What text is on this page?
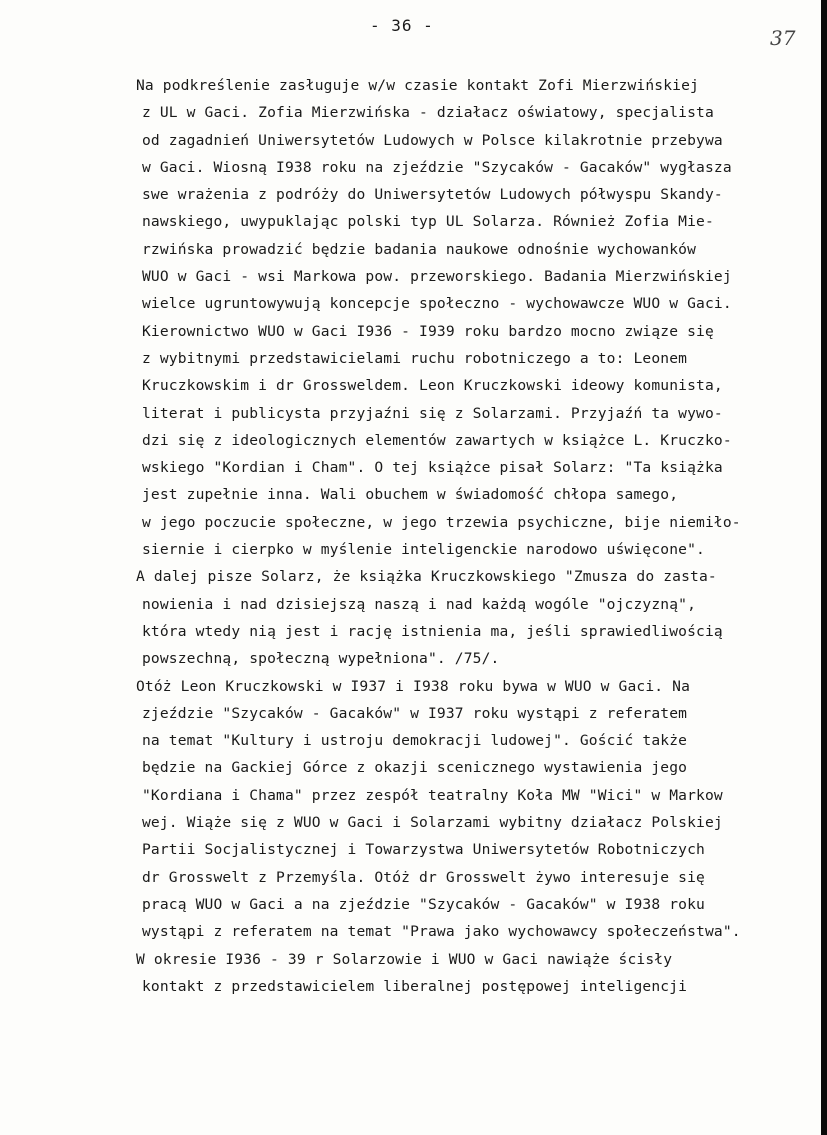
- 36 -
37
Na podkreślenie zasługuje w/w czasie kontakt Zofi Mierzwińskiej
z UL w Gaci. Zofia Mierzwińska - działacz oświatowy, specjalista
od zagadnień Uniwersytetów Ludowych w Polsce kilakrotnie przebywa
w Gaci. Wiosną I938 roku na zjeździe "Szycaków - Gacaków" wygłasza
swe wrażenia z podróży do Uniwersytetów Ludowych półwyspu Skandy-
nawskiego, uwypuklając polski typ UL Solarza. Również Zofia Mie-
rzwińska prowadzić będzie badania naukowe odnośnie wychowanków
WUO w Gaci - wsi Markowa pow. przeworskiego. Badania Mierzwińskiej
wielce ugruntowywują koncepcje społeczno - wychowawcze WUO w Gaci.
Kierownictwo WUO w Gaci I936 - I939 roku bardzo mocno związe się
z wybitnymi przedstawicielami ruchu robotniczego a to: Leonem
Kruczkowskim i dr Grossweldem. Leon Kruczkowski ideowy komunista,
literat i publicysta przyjaźni się z Solarzami. Przyjaźń ta wywo-
dzi się z ideologicznych elementów zawartych w książce L. Kruczko-
wskiego "Kordian i Cham". O tej książce pisał Solarz: "Ta książka
jest zupełnie inna. Wali obuchem w świadomość chłopa samego,
w jego poczucie społeczne, w jego trzewia psychiczne, bije niemiło-
siernie i cierpko w myślenie inteligenckie narodowo uświęcone".
A dalej pisze Solarz, że książka Kruczkowskiego "Zmusza do zasta-
nowienia i nad dzisiejszą naszą i nad każdą wogóle "ojczyzną",
która wtedy nią jest i rację istnienia ma, jeśli sprawiedliwością
powszechną, społeczną wypełniona". /75/.
Otóż Leon Kruczkowski w I937 i I938 roku bywa w WUO w Gaci. Na
zjeździe "Szycaków - Gacaków" w I937 roku wystąpi z referatem
na temat "Kultury i ustroju demokracji ludowej". Gościć także
będzie na Gackiej Górce z okazji scenicznego wystawienia jego
"Kordiana i Chama" przez zespół teatralny Koła MW "Wici" w Markow
wej. Wiąże się z WUO w Gaci i Solarzami wybitny działacz Polskiej
Partii Socjalistycznej i Towarzystwa Uniwersytetów Robotniczych
dr Grosswelt z Przemyśla. Otóż dr Grosswelt żywo interesuje się
pracą WUO w Gaci a na zjeździe "Szycaków - Gacaków" w I938 roku
wystąpi z referatem na temat "Prawa jako wychowawcy społeczeństwa".
W okresie I936 - 39 r Solarzowie i WUO w Gaci nawiąże ścisły
kontakt z przedstawicielem liberalnej postępowej inteligencji
